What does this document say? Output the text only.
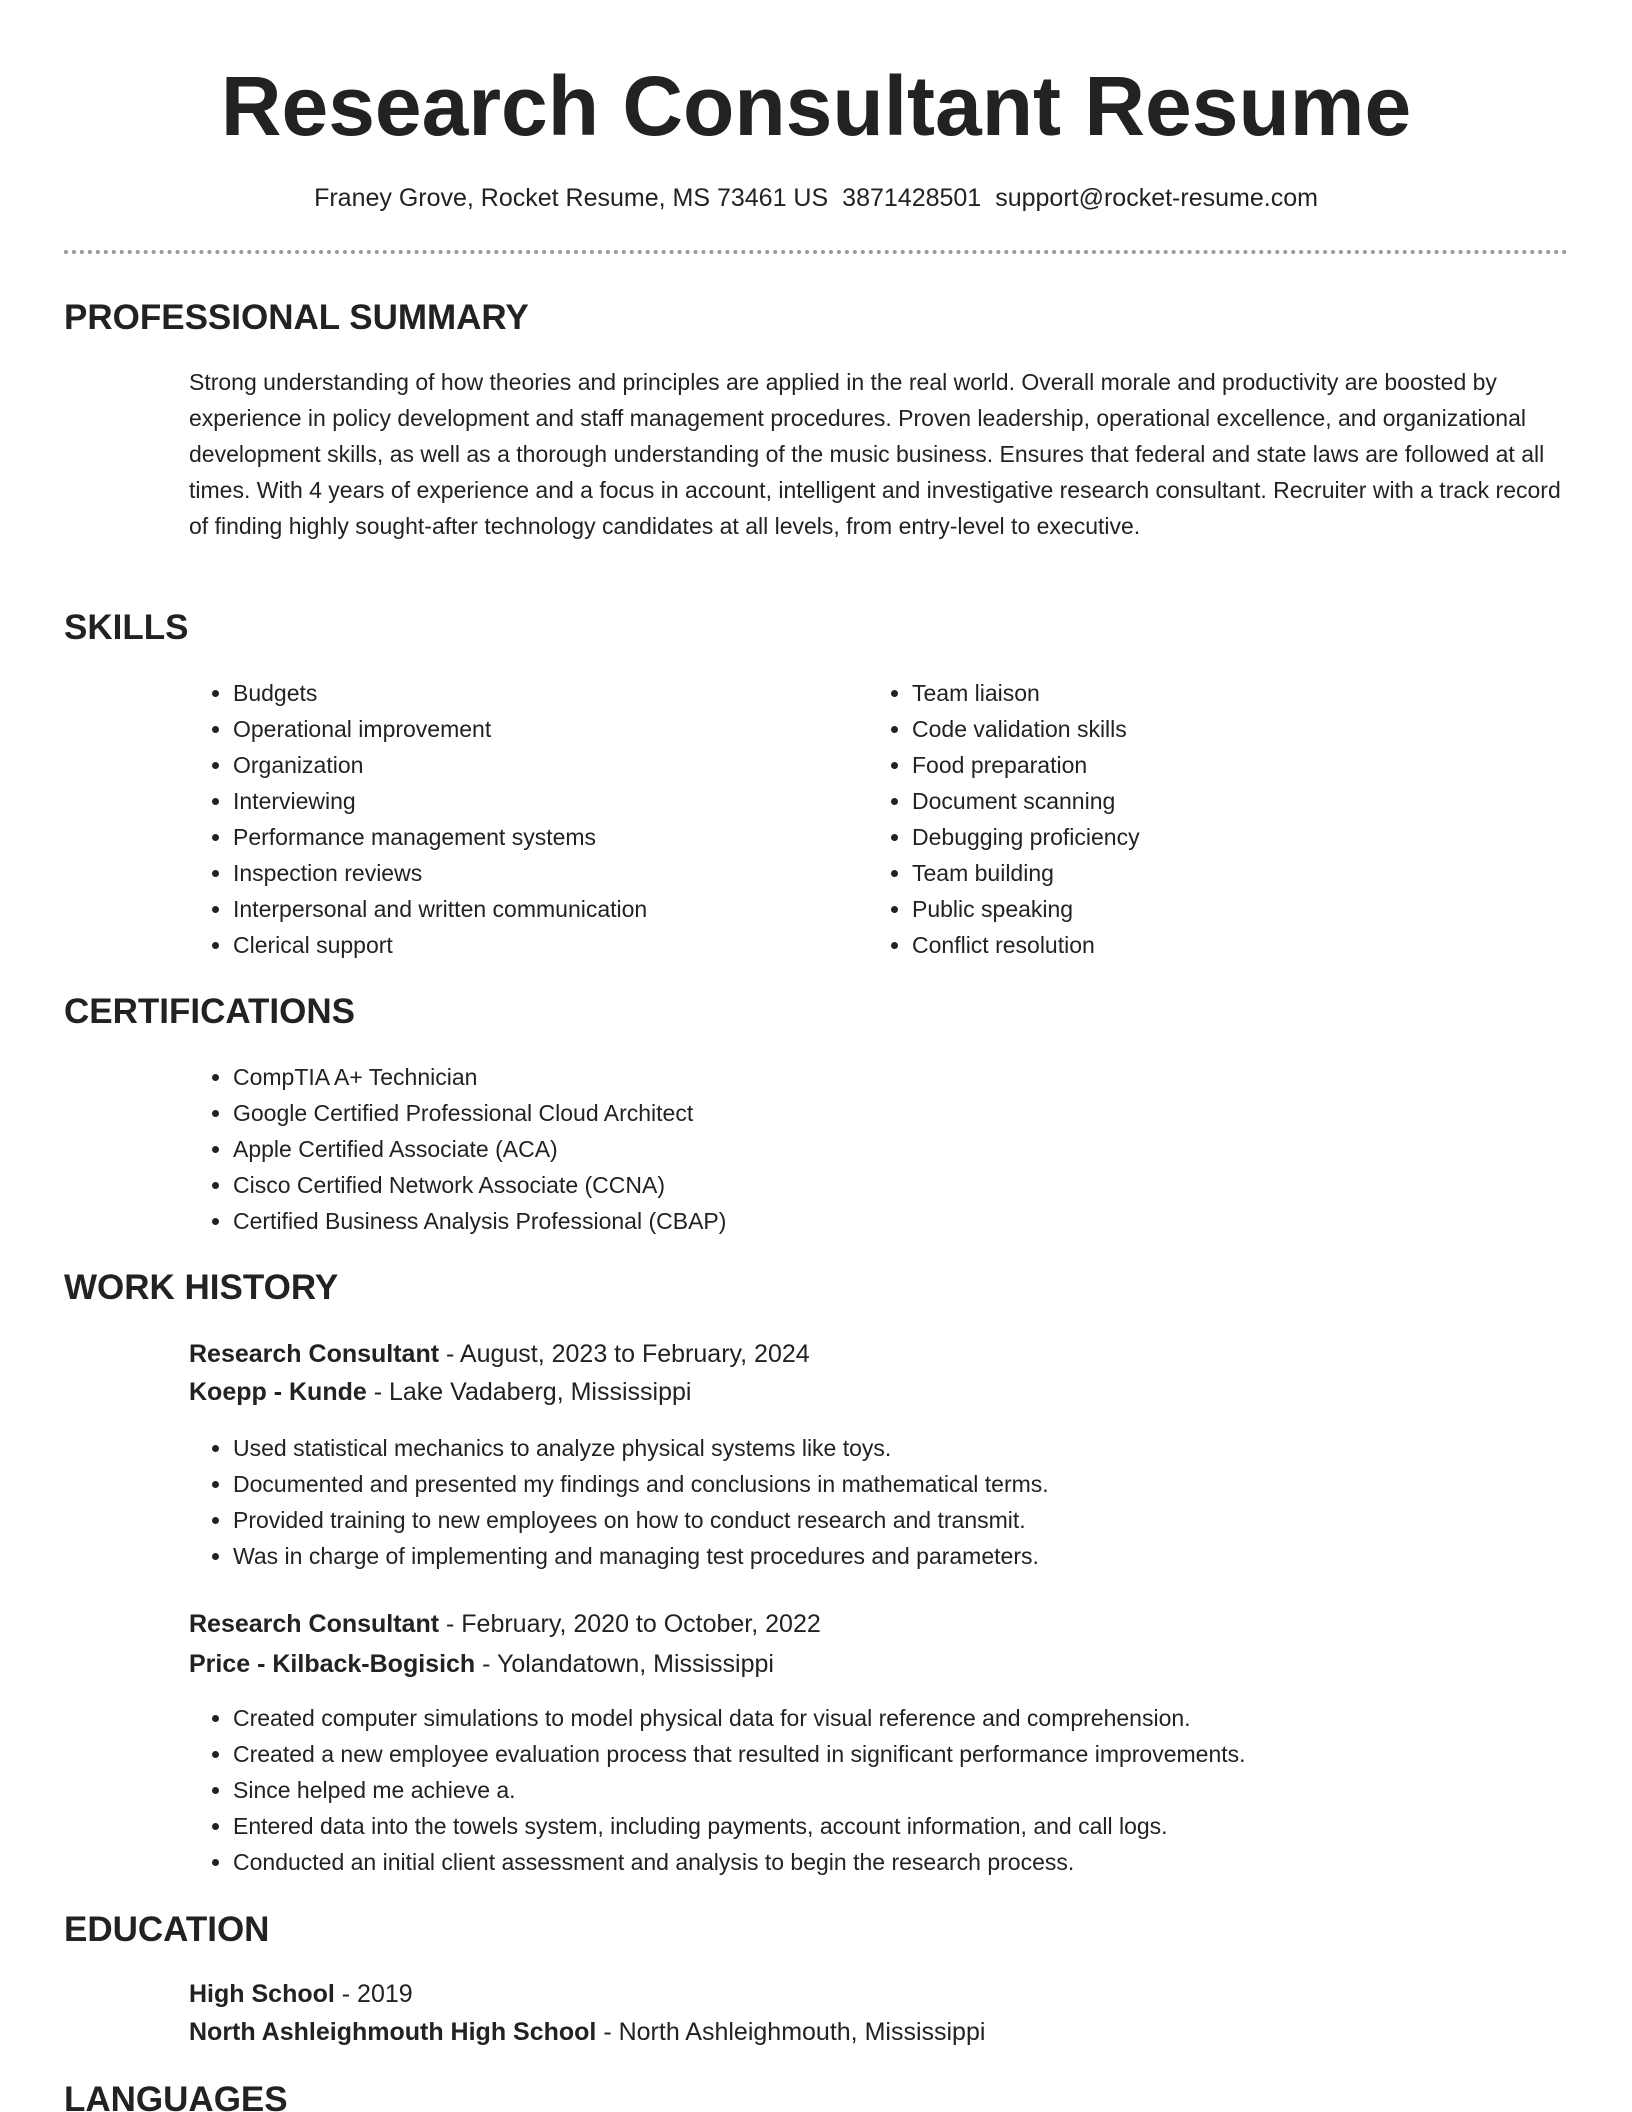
Research Consultant Resume
Franey Grove, Rocket Resume, MS 73461 US 3871428501 support@rocket-resume.com
PROFESSIONAL SUMMARY

Strong understanding of how theories and principles are applied in the real world. Overall morale and productivity are boosted by experience in policy development and staff management procedures. Proven leadership, operational excellence, and organizational development skills, as well as a thorough understanding of the music business. Ensures that federal and state laws are followed at all times. With 4 years of experience and a focus in account, intelligent and investigative research consultant. Recruiter with a track record of finding highly sought-after technology candidates at all levels, from entry-level to executive.

SKILLS
• Budgets
• Operational improvement
• Organization
• Interviewing
• Performance management systems
• Inspection reviews
• Interpersonal and written communication
• Clerical support
• Team liaison
• Code validation skills
• Food preparation
• Document scanning
• Debugging proficiency
• Team building
• Public speaking
• Conflict resolution
CERTIFICATIONS
• CompTIA A+ Technician
• Google Certified Professional Cloud Architect
• Apple Certified Associate (ACA)
• Cisco Certified Network Associate (CCNA)
• Certified Business Analysis Professional (CBAP)
WORK HISTORY
Research Consultant - August, 2023 to February, 2024
Koepp - Kunde - Lake Vadaberg, Mississippi
• Used statistical mechanics to analyze physical systems like toys.
• Documented and presented my findings and conclusions in mathematical terms.
• Provided training to new employees on how to conduct research and transmit.
• Was in charge of implementing and managing test procedures and parameters.
Research Consultant - February, 2020 to October, 2022
Price - Kilback-Bogisich - Yolandatown, Mississippi
• Created computer simulations to model physical data for visual reference and comprehension.
• Created a new employee evaluation process that resulted in significant performance improvements.
• Since helped me achieve a.
• Entered data into the towels system, including payments, account information, and call logs.
• Conducted an initial client assessment and analysis to begin the research process.
EDUCATION
High School - 2019
North Ashleighmouth High School - North Ashleighmouth, Mississippi
LANGUAGES
